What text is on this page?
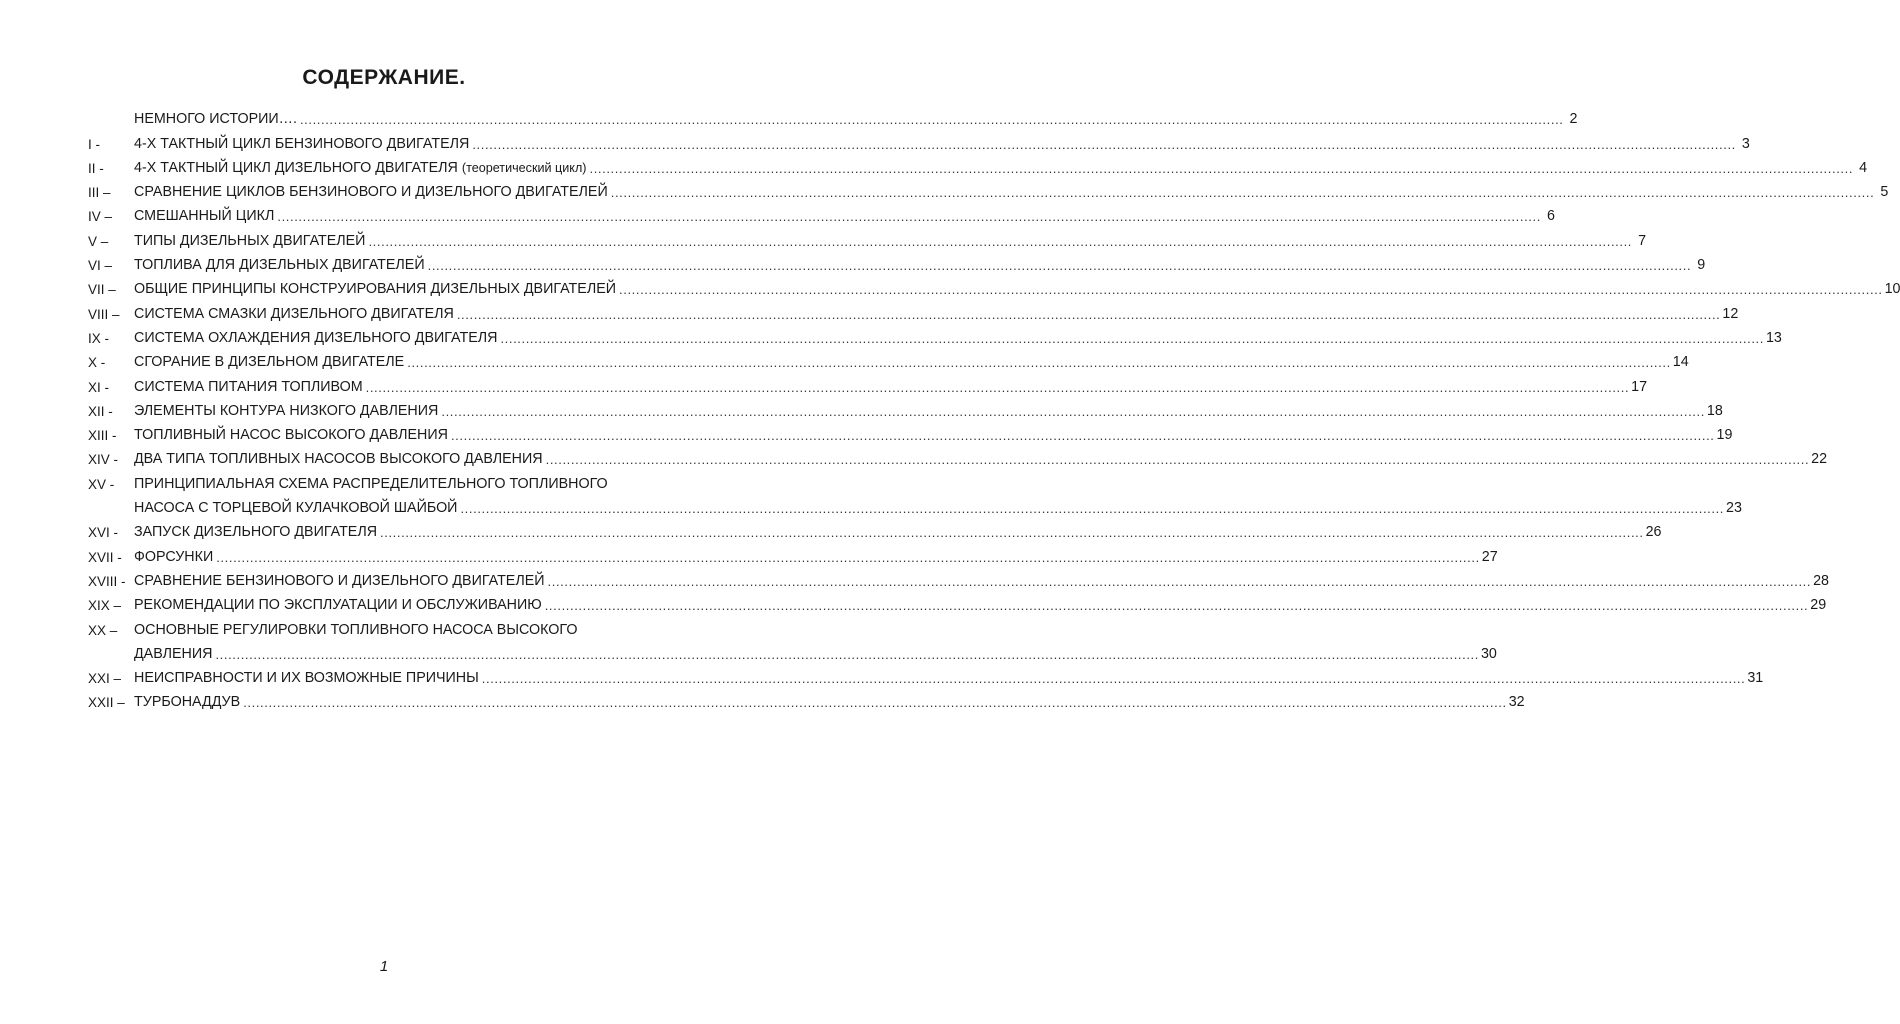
СОДЕРЖАНИЕ.
НЕМНОГО ИСТОРИИ…. ............................................................................................................................................................................................................................................................................................................ 2
I -	4-Х ТАКТНЫЙ ЦИКЛ БЕНЗИНОВОГО ДВИГАТЕЛЯ ............................................................................................................................................................................................................................................................................................................ 3
II -	4-Х ТАКТНЫЙ ЦИКЛ ДИЗЕЛЬНОГО ДВИГАТЕЛЯ (теоретический цикл) ............................................................................................................................................................................................................................................................................................................ 4
III –	СРАВНЕНИЕ ЦИКЛОВ БЕНЗИНОВОГО И ДИЗЕЛЬНОГО ДВИГАТЕЛЕЙ ............................................................................................................................................................................................................................................................................................................ 5
IV –	СМЕШАННЫЙ ЦИКЛ ............................................................................................................................................................................................................................................................................................................ 6
V –	ТИПЫ ДИЗЕЛЬНЫХ ДВИГАТЕЛЕЙ ............................................................................................................................................................................................................................................................................................................ 7
VI –	ТОПЛИВА ДЛЯ ДИЗЕЛЬНЫХ ДВИГАТЕЛЕЙ ............................................................................................................................................................................................................................................................................................................ 9
VII –	ОБЩИЕ ПРИНЦИПЫ КОНСТРУИРОВАНИЯ ДИЗЕЛЬНЫХ ДВИГАТЕЛЕЙ ............................................................................................................................................................................................................................................................................................................ 10
VIII –	СИСТЕМА СМАЗКИ ДИЗЕЛЬНОГО ДВИГАТЕЛЯ ............................................................................................................................................................................................................................................................................................................ 12
IX -	СИСТЕМА ОХЛАЖДЕНИЯ ДИЗЕЛЬНОГО ДВИГАТЕЛЯ ............................................................................................................................................................................................................................................................................................................ 13
X -	СГОРАНИЕ В ДИЗЕЛЬНОМ ДВИГАТЕЛЕ ............................................................................................................................................................................................................................................................................................................ 14
XI -	СИСТЕМА ПИТАНИЯ ТОПЛИВОМ ............................................................................................................................................................................................................................................................................................................ 17
XII -	ЭЛЕМЕНТЫ КОНТУРА НИЗКОГО ДАВЛЕНИЯ ............................................................................................................................................................................................................................................................................................................ 18
XIII -	ТОПЛИВНЫЙ НАСОС ВЫСОКОГО ДАВЛЕНИЯ ............................................................................................................................................................................................................................................................................................................ 19
XIV -	ДВА ТИПА ТОПЛИВНЫХ НАСОСОВ ВЫСОКОГО ДАВЛЕНИЯ ............................................................................................................................................................................................................................................................................................................ 22
XV -	ПРИНЦИПИАЛЬНАЯ СХЕМА РАСПРЕДЕЛИТЕЛЬНОГО ТОПЛИВНОГО
НАСОСА С ТОРЦЕВОЙ КУЛАЧКОВОЙ ШАЙБОЙ ............................................................................................................................................................................................................................................................................................................ 23
XVI -	ЗАПУСК ДИЗЕЛЬНОГО ДВИГАТЕЛЯ ............................................................................................................................................................................................................................................................................................................ 26
XVII - ФОРСУНКИ ............................................................................................................................................................................................................................................................................................................ 27
XVIII - СРАВНЕНИЕ БЕНЗИНОВОГО И ДИЗЕЛЬНОГО ДВИГАТЕЛЕЙ ............................................................................................................................................................................................................................................................................................................ 28
XIX – РЕКОМЕНДАЦИИ ПО ЭКСПЛУАТАЦИИ И ОБСЛУЖИВАНИЮ ............................................................................................................................................................................................................................................................................................................ 29
XX –	ОСНОВНЫЕ РЕГУЛИРОВКИ ТОПЛИВНОГО НАСОСА ВЫСОКОГО
ДАВЛЕНИЯ ............................................................................................................................................................................................................................................................................................................ 30
XXI – НЕИСПРАВНОСТИ И ИХ ВОЗМОЖНЫЕ ПРИЧИНЫ ............................................................................................................................................................................................................................................................................................................ 31
XXII – ТУРБОНАДДУВ ............................................................................................................................................................................................................................................................................................................ 32
1
